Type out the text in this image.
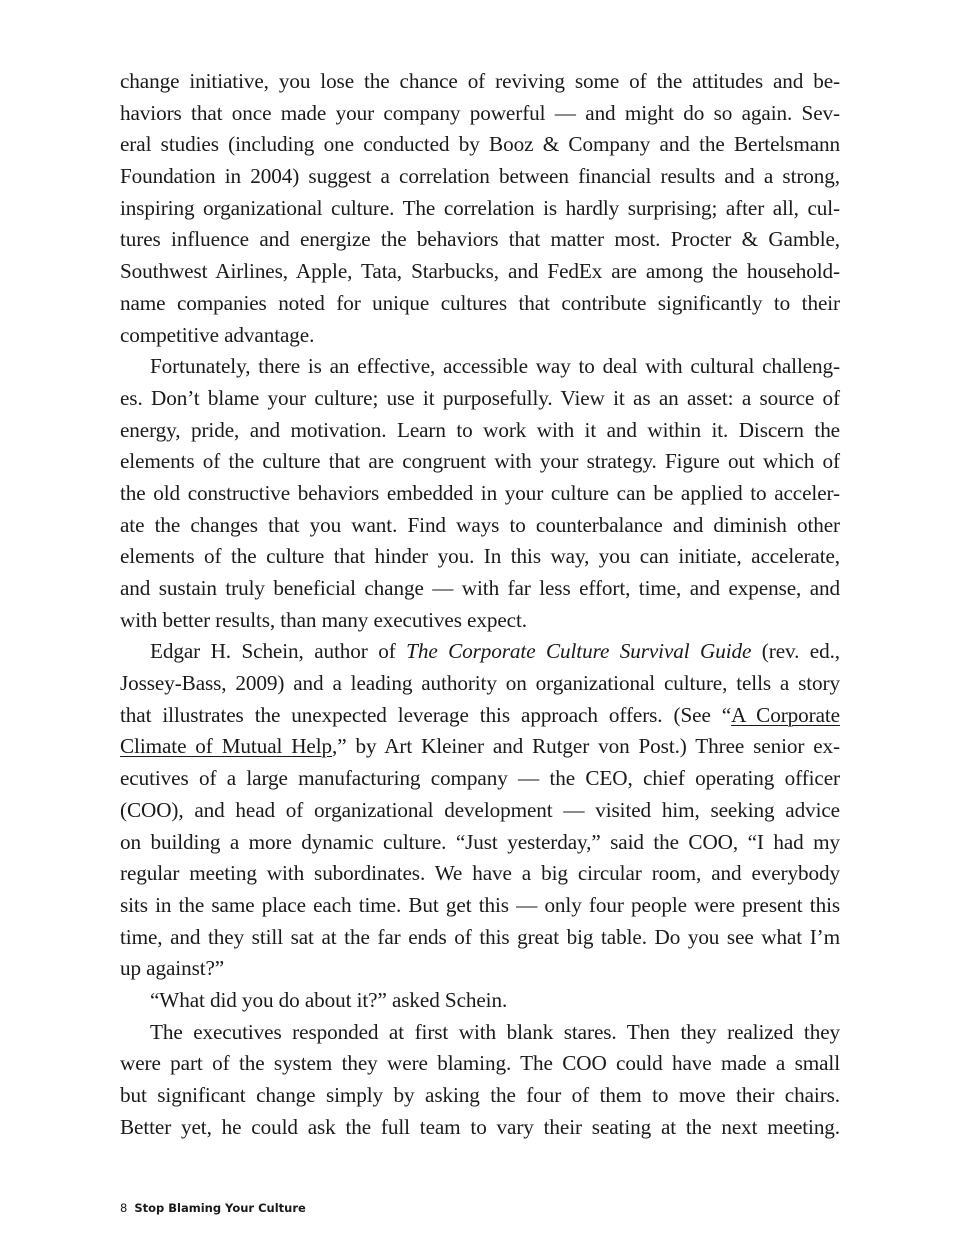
change initiative, you lose the chance of reviving some of the attitudes and be-
haviors that once made your company powerful — and might do so again. Sev-
eral studies (including one conducted by Booz & Company and the Bertelsmann
Foundation in 2004) suggest a correlation between financial results and a strong,
inspiring organizational culture. The correlation is hardly surprising; after all, cul-
tures influence and energize the behaviors that matter most. Procter & Gamble,
Southwest Airlines, Apple, Tata, Starbucks, and FedEx are among the household-
name companies noted for unique cultures that contribute significantly to their
competitive advantage.
Fortunately, there is an effective, accessible way to deal with cultural challeng-
es. Don’t blame your culture; use it purposefully. View it as an asset: a source of
energy, pride, and motivation. Learn to work with it and within it. Discern the
elements of the culture that are congruent with your strategy. Figure out which of
the old constructive behaviors embedded in your culture can be applied to acceler-
ate the changes that you want. Find ways to counterbalance and diminish other
elements of the culture that hinder you. In this way, you can initiate, accelerate,
and sustain truly beneficial change — with far less effort, time, and expense, and
with better results, than many executives expect.
Edgar H. Schein, author of The Corporate Culture Survival Guide (rev. ed.,
Jossey-Bass, 2009) and a leading authority on organizational culture, tells a story
that illustrates the unexpected leverage this approach offers. (See “A Corporate
Climate of Mutual Help,” by Art Kleiner and Rutger von Post.) Three senior ex-
ecutives of a large manufacturing company — the CEO, chief operating officer
(COO), and head of organizational development — visited him, seeking advice
on building a more dynamic culture. “Just yesterday,” said the COO, “I had my
regular meeting with subordinates. We have a big circular room, and everybody
sits in the same place each time. But get this — only four people were present this
time, and they still sat at the far ends of this great big table. Do you see what I’m
up against?”
“What did you do about it?” asked Schein.
The executives responded at first with blank stares. Then they realized they
were part of the system they were blaming. The COO could have made a small
but significant change simply by asking the four of them to move their chairs.
Better yet, he could ask the full team to vary their seating at the next meeting.
8 Stop Blaming Your Culture
